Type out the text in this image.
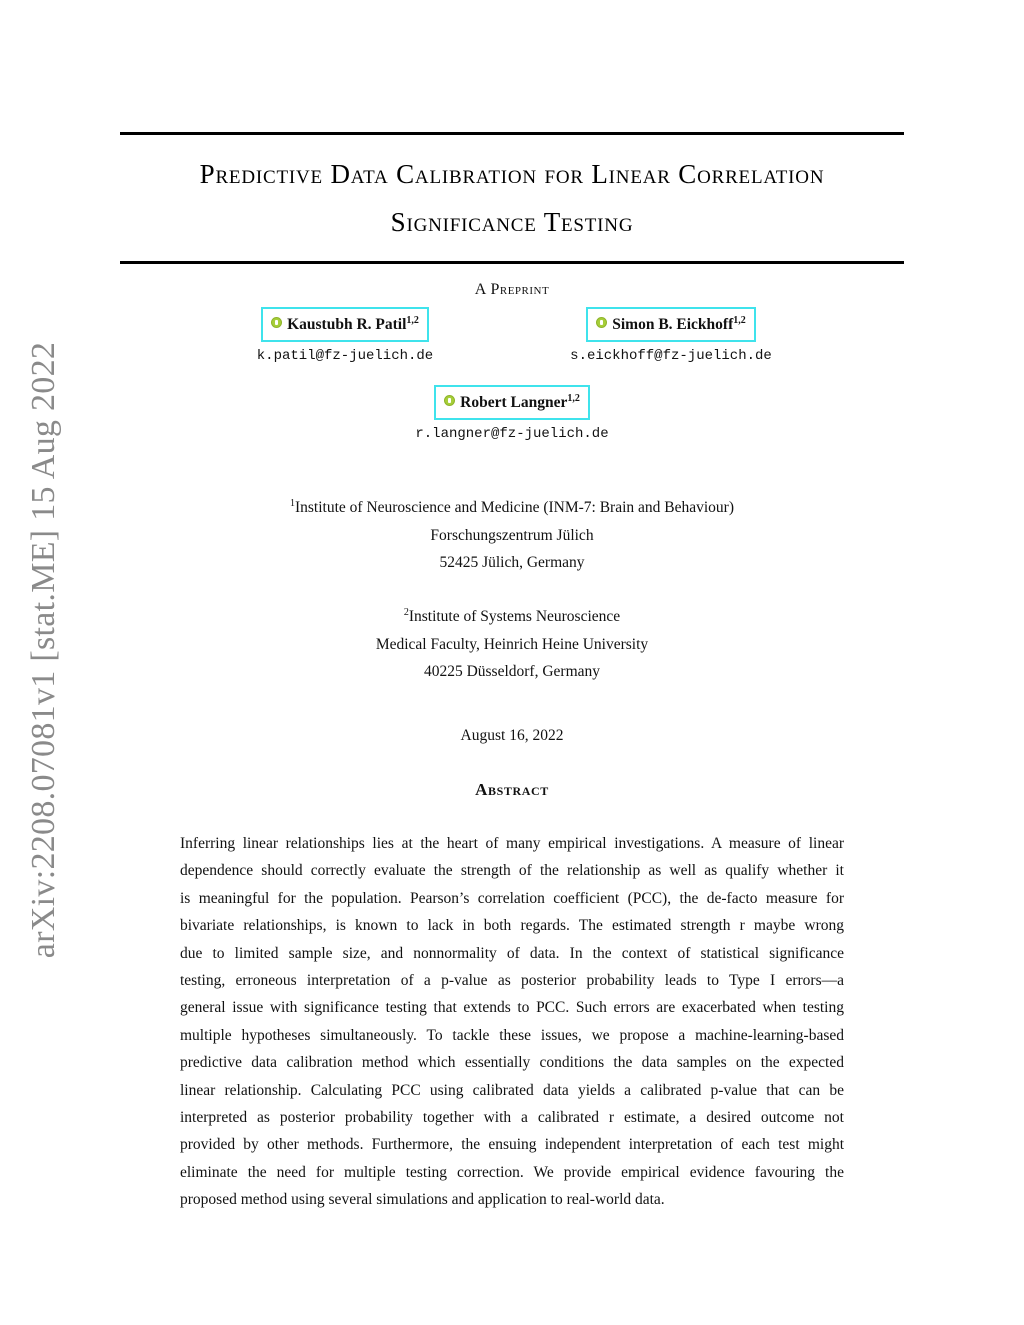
arXiv:2208.07081v1 [stat.ME] 15 Aug 2022
Predictive Data Calibration for Linear Correlation
Significance Testing
A Preprint
Kaustubh R. Patil$^{1,2}$
k.patil@fz-juelich.de
Simon B. Eickhoff$^{1,2}$
s.eickhoff@fz-juelich.de
Robert Langner$^{1,2}$
r.langner@fz-juelich.de
$^1$Institute of Neuroscience and Medicine (INM-7: Brain and Behaviour)
Forschungszentrum Jülich
52425 Jülich, Germany
$^2$Institute of Systems Neuroscience
Medical Faculty, Heinrich Heine University
40225 Düsseldorf, Germany
August 16, 2022
Abstract
Inferring linear relationships lies at the heart of many empirical investigations. A measure of linear
dependence should correctly evaluate the strength of the relationship as well as qualify whether it
is meaningful for the population. Pearson’s correlation coefficient (PCC), the de-facto measure for
bivariate relationships, is known to lack in both regards. The estimated strength r maybe wrong
due to limited sample size, and nonnormality of data. In the context of statistical significance
testing, erroneous interpretation of a p-value as posterior probability leads to Type I errors—a
general issue with significance testing that extends to PCC. Such errors are exacerbated when testing
multiple hypotheses simultaneously. To tackle these issues, we propose a machine-learning-based
predictive data calibration method which essentially conditions the data samples on the expected
linear relationship. Calculating PCC using calibrated data yields a calibrated p-value that can be
interpreted as posterior probability together with a calibrated r estimate, a desired outcome not
provided by other methods. Furthermore, the ensuing independent interpretation of each test might
eliminate the need for multiple testing correction. We provide empirical evidence favouring the
proposed method using several simulations and application to real-world data.
